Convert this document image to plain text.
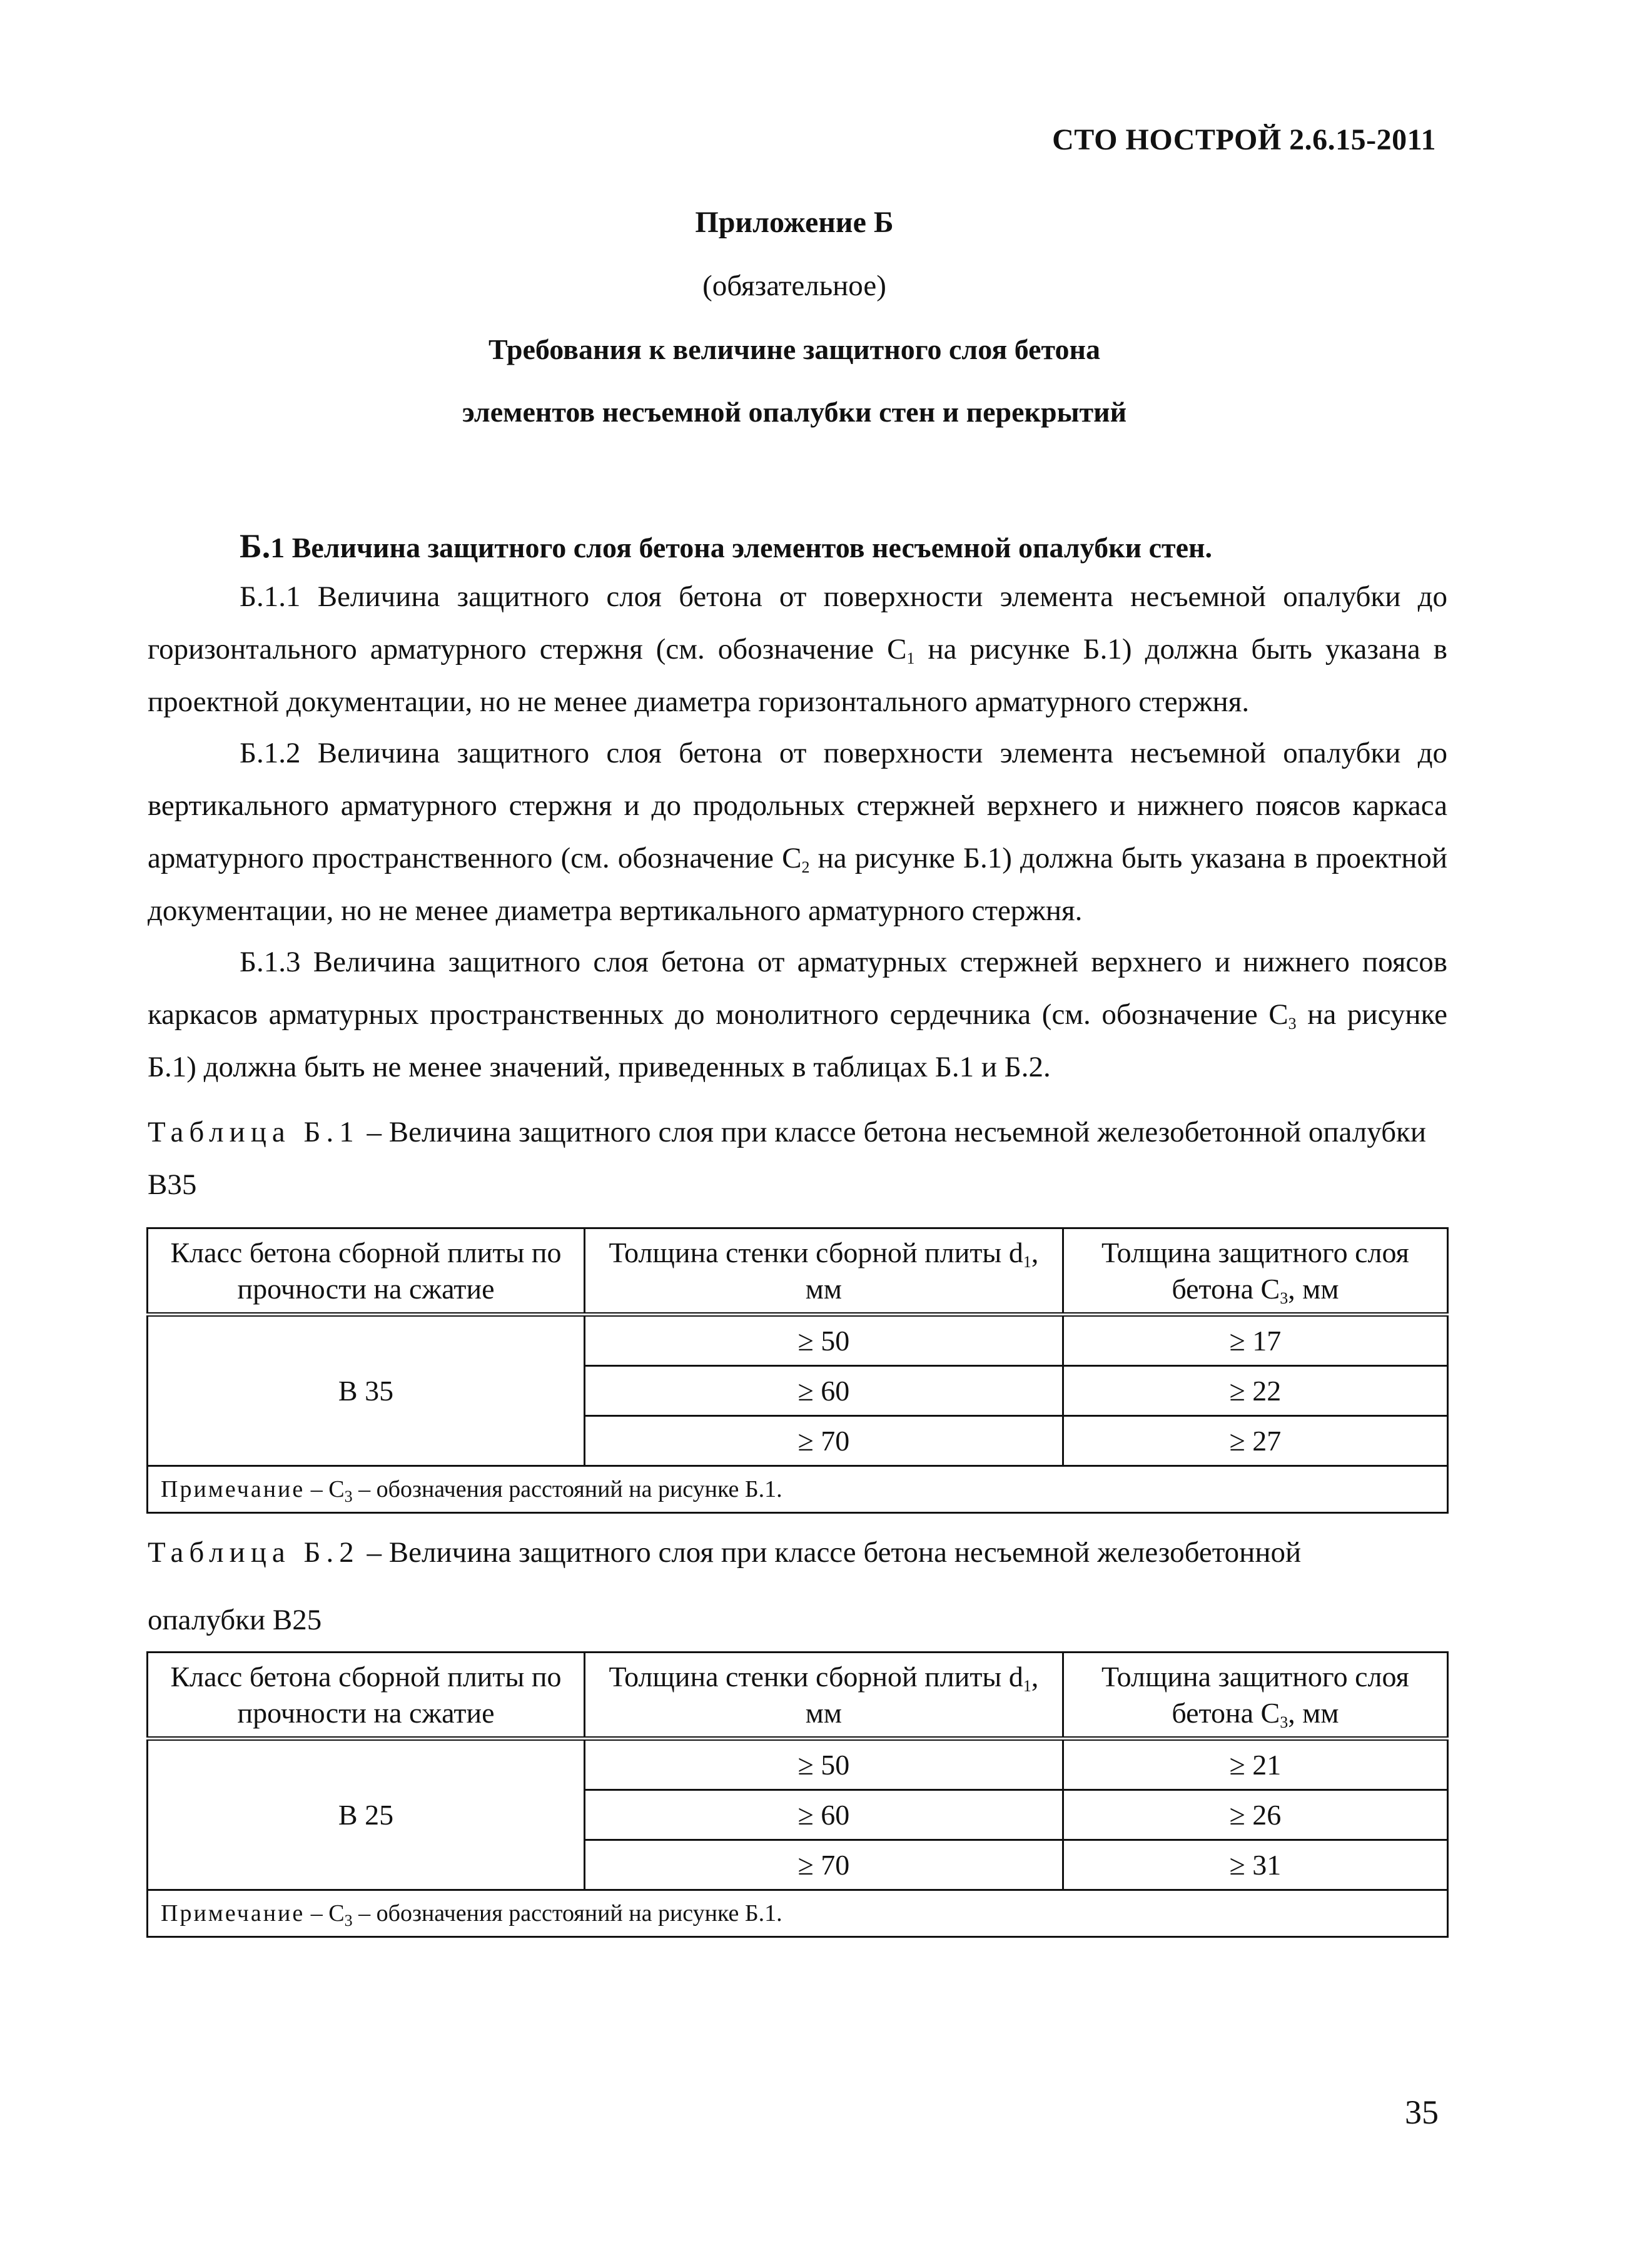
СТО НОСТРОЙ 2.6.15-2011
Приложение Б
(обязательное)
Требования к величине защитного слоя бетона
элементов несъемной опалубки стен и перекрытий
Б.1 Величина защитного слоя бетона элементов несъемной опалубки стен.
Б.1.1 Величина защитного слоя бетона от поверхности элемента несъемной опалубки до горизонтального арматурного стержня (см. обозначение $С_1$ на рисунке Б.1) должна быть указана в проектной документации, но не менее диаметра горизонтального арматурного стержня.
Б.1.2 Величина защитного слоя бетона от поверхности элемента несъемной опалубки до вертикального арматурного стержня и до продольных стержней верхнего и нижнего поясов каркаса арматурного пространственного (см. обозначение $С_2$ на рисунке Б.1) должна быть указана в проектной документации, но не менее диаметра вертикального арматурного стержня.
Б.1.3 Величина защитного слоя бетона от арматурных стержней верхнего и нижнего поясов каркасов арматурных пространственных до монолитного сердечника (см. обозначение $С_3$ на рисунке Б.1) должна быть не менее значений, приведенных в таблицах Б.1 и Б.2.
Таблица Б.1 – Величина защитного слоя при классе бетона несъемной железобетонной опалубки В35
Класс бетона сборной плиты по прочности на сжатие	Толщина стенки сборной плиты $d_1$, мм	Толщина защитного слоя бетона $С_3$, мм
В 35	≥ 50	≥ 17
	≥ 60	≥ 22
	≥ 70	≥ 27
Примечание – $С_3$ – обозначения расстояний на рисунке Б.1.		
Таблица Б.2 – Величина защитного слоя при классе бетона несъемной железобетонной
опалубки В25
Класс бетона сборной плиты по прочности на сжатие	Толщина стенки сборной плиты $d_1$, мм	Толщина защитного слоя бетона $С_3$, мм
В 25	≥ 50	≥ 21
	≥ 60	≥ 26
	≥ 70	≥ 31
Примечание – $С_3$ – обозначения расстояний на рисунке Б.1.		
35
